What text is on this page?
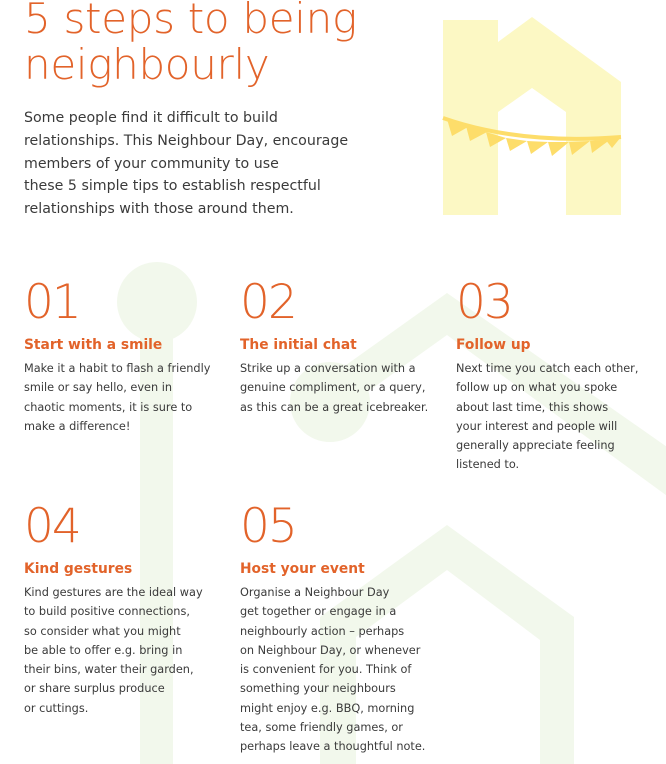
5 steps to being
neighbourly

Some people find it difficult to build
relationships. This Neighbour Day, encourage
members of your community to use
these 5 simple tips to establish respectful
relationships with those around them.

01
Start with a smile

Make it a habit to flash a friendly
smile or say hello, even in
chaotic moments, it is sure to
make a difference!

02
The initial chat

Strike up a conversation with a
genuine compliment, or a query,
as this can be a great icebreaker.

03
Follow up

Next time you catch each other,
follow up on what you spoke
about last time, this shows
your interest and people will
generally appreciate feeling
listened to.

04
Kind gestures

Kind gestures are the ideal way
to build positive connections,
so consider what you might
be able to offer e.g. bring in
their bins, water their garden,
or share surplus produce
or cuttings.

05
Host your event

Organise a Neighbour Day
get together or engage in a
neighbourly action – perhaps
on Neighbour Day, or whenever
is convenient for you. Think of
something your neighbours
might enjoy e.g. BBQ, morning
tea, some friendly games, or
perhaps leave a thoughtful note.
